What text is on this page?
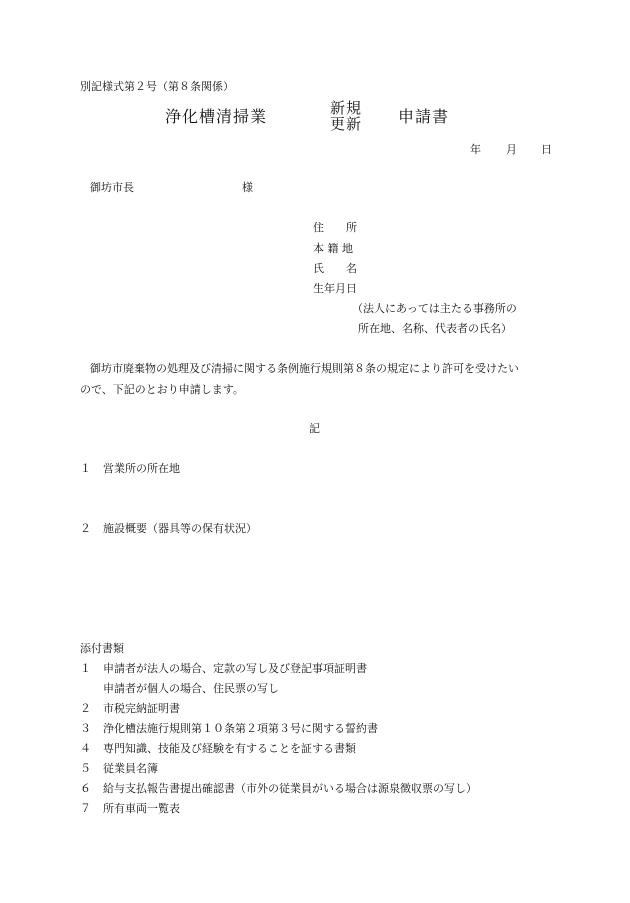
別記様式第２号（第８条関係）
浄化槽清掃業	新規
更新 申請書
年 月 日
御坊市長	様
住　　所
本 籍 地
氏　　名
生年月日
（法人にあっては主たる事務所の
所在地、名称、代表者の氏名）
御坊市廃棄物の処理及び清掃に関する条例施行規則第８条の規定により許可を受けたい
ので、下記のとおり申請します。
記
１ 営業所の所在地
２ 施設概要（器具等の保有状況）
添付書類
１ 申請者が法人の場合、定款の写し及び登記事項証明書
申請者が個人の場合、住民票の写し
２ 市税完納証明書
３ 浄化槽法施行規則第１０条第２項第３号に関する誓約書
４ 専門知識、技能及び経験を有することを証する書類
５ 従業員名簿
６ 給与支払報告書提出確認書（市外の従業員がいる場合は源泉徴収票の写し）
７ 所有車両一覧表
